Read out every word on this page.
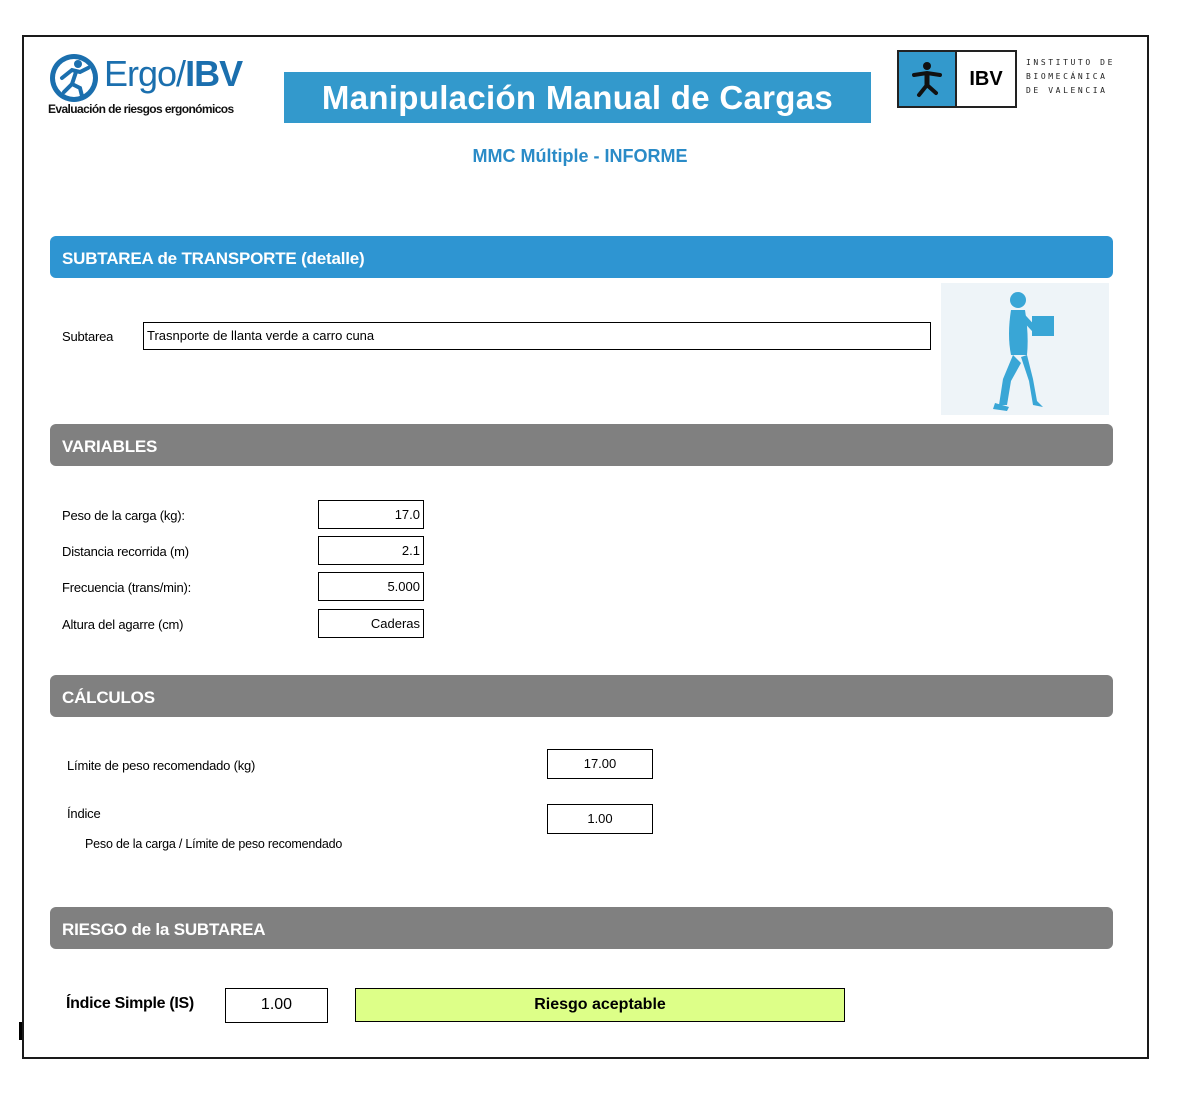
Ergo/IBV
Evaluación de riesgos ergonómicos	Manipulación Manual de Cargas	IBV
INSTITUTO DE
BIOMECÁNICA
DE VALENCIA
MMC Múltiple - INFORME
SUBTAREA de TRANSPORTE (detalle)
Subtarea	Trasnporte de llanta verde a carro cuna
VARIABLES
Peso de la carga (kg):	17.0
Distancia recorrida (m)	2.1
Frecuencia (trans/min):	5.000
Altura del agarre (cm)	Caderas
CÁLCULOS
Límite de peso recomendado (kg)	17.00
Índice	1.00
Peso de la carga / Límite de peso recomendado
RIESGO de la SUBTAREA
Índice Simple (IS)	1.00	Riesgo aceptable
